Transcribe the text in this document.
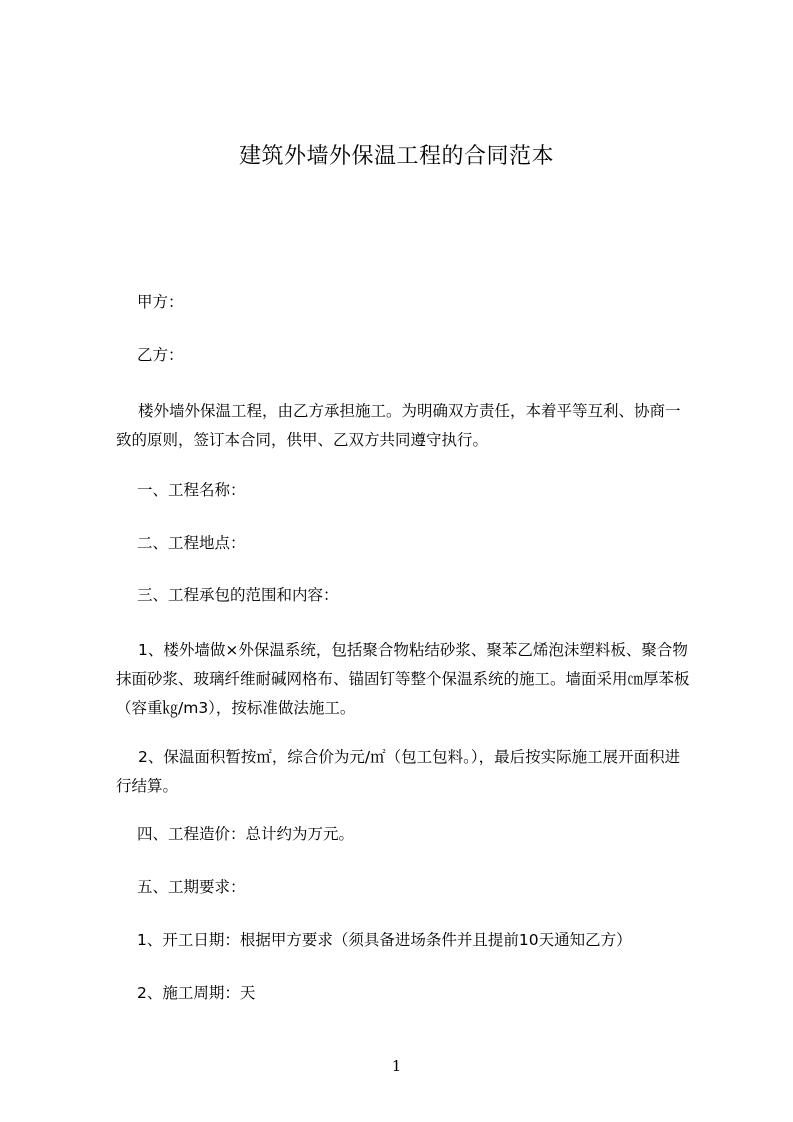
建筑外墙外保温工程的合同范本
甲方：
乙方：
楼外墙外保温工程，由乙方承担施工。为明确双方责任，本着平等互利、协商一
致的原则，签订本合同，供甲、乙双方共同遵守执行。
一、工程名称：
二、工程地点：
三、工程承包的范围和内容：
1、楼外墙做×外保温系统，包括聚合物粘结砂浆、聚苯乙烯泡沫塑料板、聚合物
抹面砂浆、玻璃纤维耐碱网格布、锚固钉等整个保温系统的施工。墙面采用㎝厚苯板
（容重㎏/m3），按标准做法施工。
2、保温面积暂按㎡，综合价为元/㎡（包工包料。），最后按实际施工展开面积进
行结算。
四、工程造价：总计约为万元。
五、工期要求：
1、开工日期：根据甲方要求（须具备进场条件并且提前10天通知乙方）
2、施工周期：天
1
